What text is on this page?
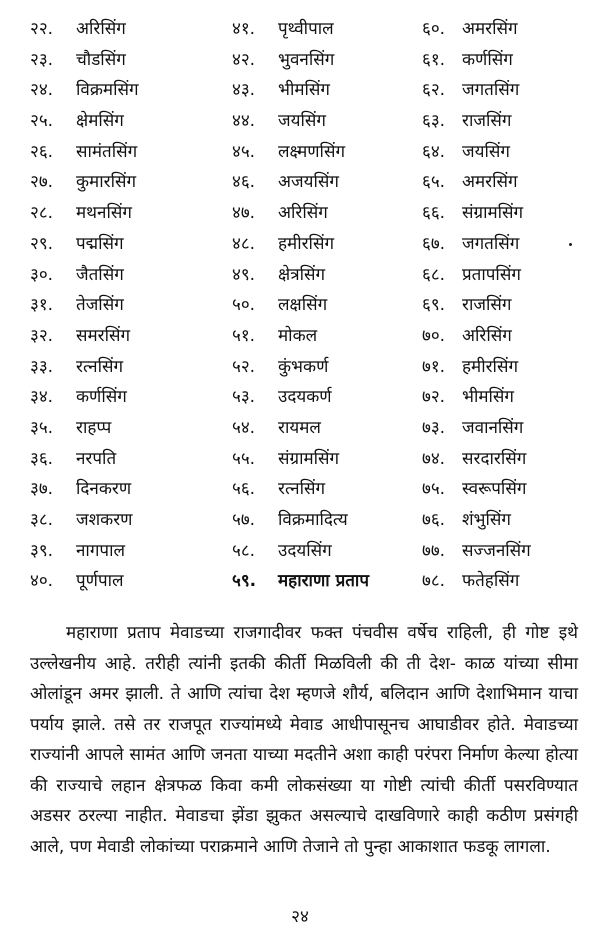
२२. अरिसिंग
२३. चौडसिंग
२४. विक्रमसिंग
२५. क्षेमसिंग
२६. सामंतसिंग
२७. कुमारसिंग
२८. मथनसिंग
२९. पद्मसिंग
३०. जैतसिंग
३१. तेजसिंग
३२. समरसिंग
३३. रत्नसिंग
३४. कर्णसिंग
३५. राहप्प
३६. नरपति
३७. दिनकरण
३८. जशकरण
३९. नागपाल
४०. पूर्णपाल
४१. पृथ्वीपाल
४२. भुवनसिंग
४३. भीमसिंग
४४. जयसिंग
४५. लक्ष्मणसिंग
४६. अजयसिंग
४७. अरिसिंग
४८. हमीरसिंग
४९. क्षेत्रसिंग
५०. लक्षसिंग
५१. मोकल
५२. कुंभकर्ण
५३. उदयकर्ण
५४. रायमल
५५. संग्रामसिंग
५६. रत्नसिंग
५७. विक्रमादित्य
५८. उदयसिंग
५९. महाराणा प्रताप
६०. अमरसिंग
६१. कर्णसिंग
६२. जगतसिंग
६३. राजसिंग
६४. जयसिंग
६५. अमरसिंग
६६. संग्रामसिंग
६७. जगतसिंग
६८. प्रतापसिंग
६९. राजसिंग
७०. अरिसिंग
७१. हमीरसिंग
७२. भीमसिंग
७३. जवानसिंग
७४. सरदारसिंग
७५. स्वरूपसिंग
७६. शंभुसिंग
७७. सज्जनसिंग
७८. फतेहसिंग

महाराणा प्रताप मेवाडच्या राजगादीवर फक्त पंचवीस वर्षेच राहिली, ही गोष्ट इथे उल्लेखनीय आहे. तरीही त्यांनी इतकी कीर्ती मिळविली की ती देश- काळ यांच्या सीमा ओलांडून अमर झाली. ते आणि त्यांचा देश म्हणजे शौर्य, बलिदान आणि देशाभिमान याचा पर्याय झाले. तसे तर राजपूत राज्यांमध्ये मेवाड आधीपासूनच आघाडीवर होते. मेवाडच्या राज्यांनी आपले सामंत आणि जनता याच्या मदतीने अशा काही परंपरा निर्माण केल्या होत्या की राज्याचे लहान क्षेत्रफळ किवा कमी लोकसंख्या या गोष्टी त्यांची कीर्ती पसरविण्यात अडसर ठरल्या नाहीत. मेवाडचा झेंडा झुकत असल्याचे दाखविणारे काही कठीण प्रसंगही आले, पण मेवाडी लोकांच्या पराक्रमाने आणि तेजाने तो पुन्हा आकाशात फडकू लागला.

२४
